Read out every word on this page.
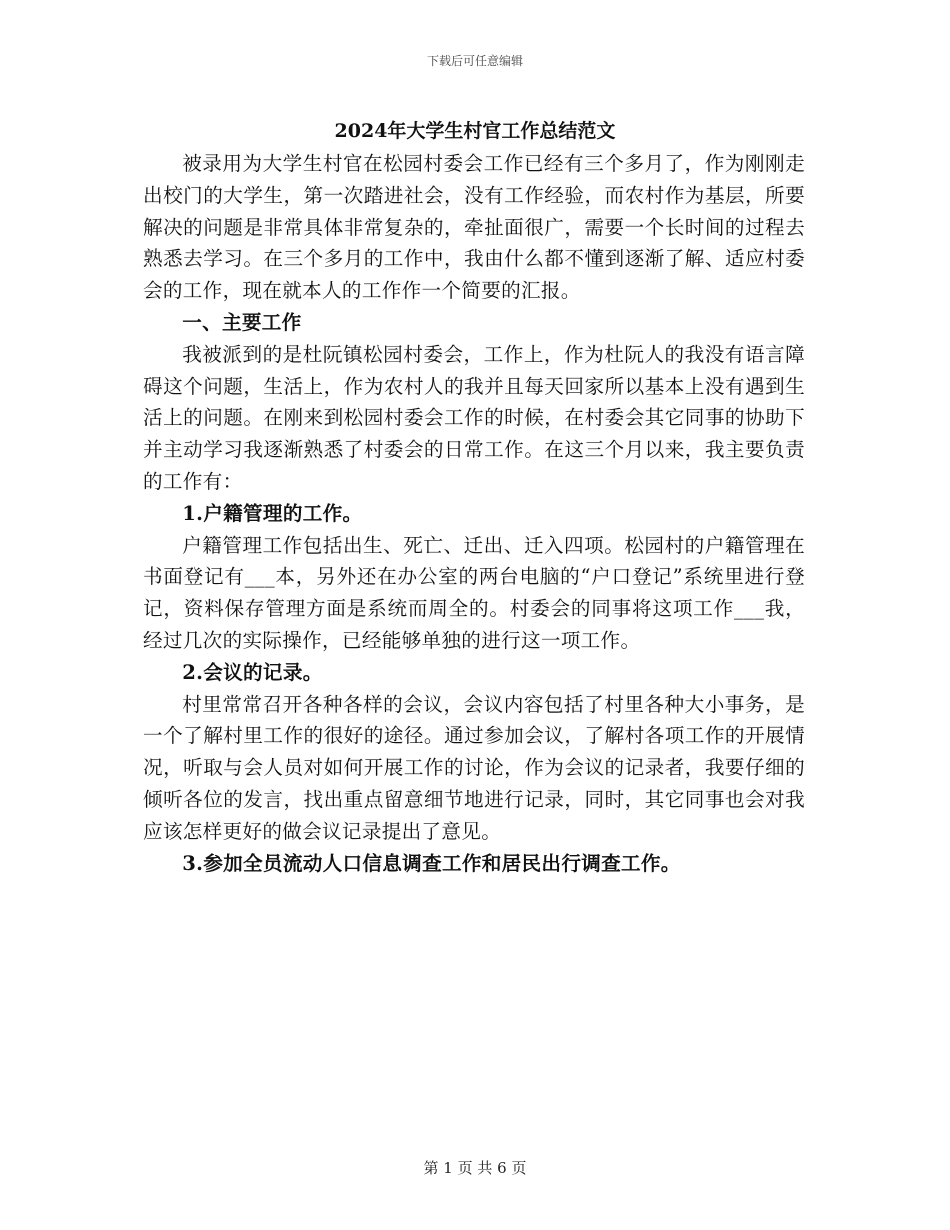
下载后可任意编辑
2024年大学生村官工作总结范文

被录用为大学生村官在松园村委会工作已经有三个多月了，作为刚刚走出校门的大学生，第一次踏进社会，没有工作经验，而农村作为基层，所要解决的问题是非常具体非常复杂的，牵扯面很广，需要一个长时间的过程去熟悉去学习。在三个多月的工作中，我由什么都不懂到逐渐了解、适应村委会的工作，现在就本人的工作作一个简要的汇报。

一、主要工作

我被派到的是杜阮镇松园村委会，工作上，作为杜阮人的我没有语言障碍这个问题，生活上，作为农村人的我并且每天回家所以基本上没有遇到生活上的问题。在刚来到松园村委会工作的时候，在村委会其它同事的协助下并主动学习我逐渐熟悉了村委会的日常工作。在这三个月以来，我主要负责的工作有：

1.户籍管理的工作。

户籍管理工作包括出生、死亡、迁出、迁入四项。松园村的户籍管理在书面登记有___本，另外还在办公室的两台电脑的“户口登记”系统里进行登记，资料保存管理方面是系统而周全的。村委会的同事将这项工作___我，经过几次的实际操作，已经能够单独的进行这一项工作。

2.会议的记录。

村里常常召开各种各样的会议，会议内容包括了村里各种大小事务，是一个了解村里工作的很好的途径。通过参加会议，了解村各项工作的开展情况，听取与会人员对如何开展工作的讨论，作为会议的记录者，我要仔细的倾听各位的发言，找出重点留意细节地进行记录，同时，其它同事也会对我应该怎样更好的做会议记录提出了意见。

3.参加全员流动人口信息调查工作和居民出行调查工作。

第 1 页 共 6 页
